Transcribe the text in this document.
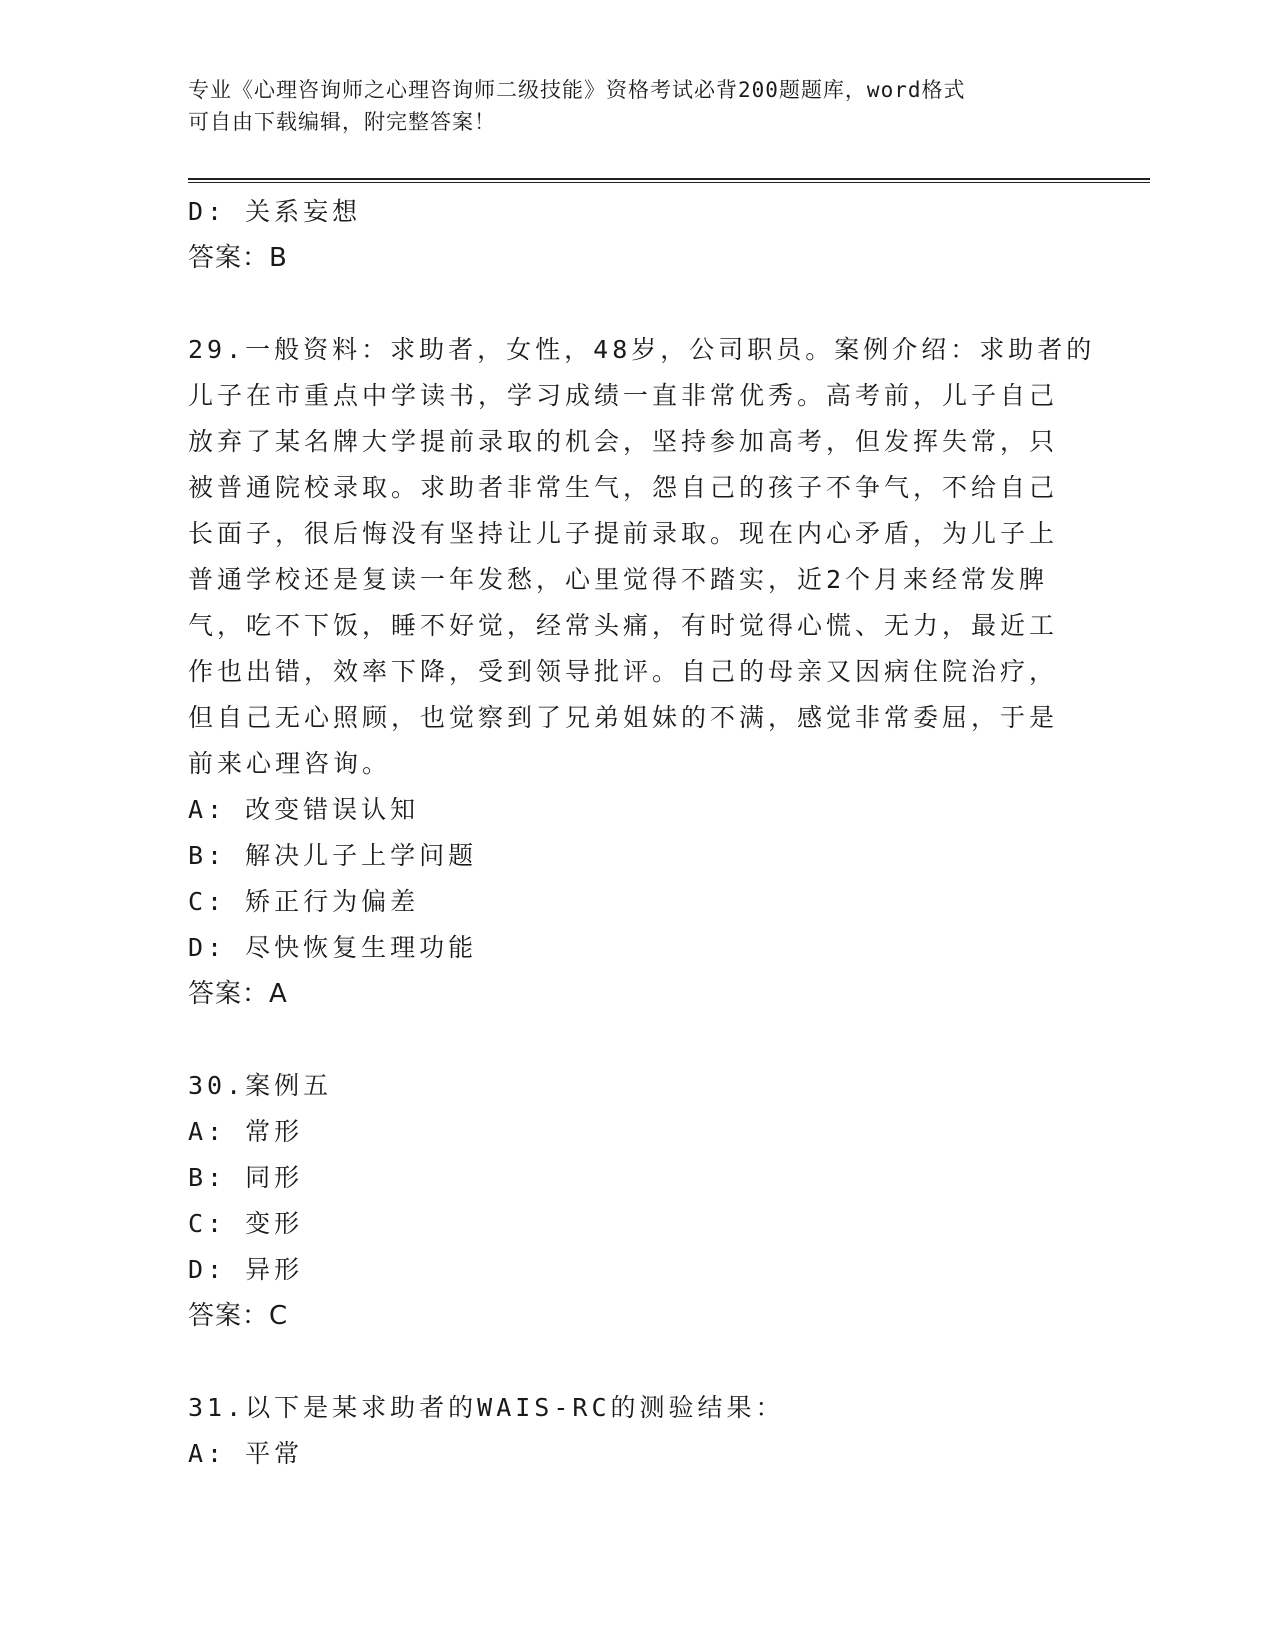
专业《心理咨询师之心理咨询师二级技能》资格考试必背200题题库，word格式
可自由下载编辑，附完整答案！
D: 关系妄想
答案：B
29.一般资料：求助者，女性，48岁，公司职员。案例介绍：求助者的
儿子在市重点中学读书，学习成绩一直非常优秀。高考前，儿子自己
放弃了某名牌大学提前录取的机会，坚持参加高考，但发挥失常，只
被普通院校录取。求助者非常生气，怨自己的孩子不争气，不给自己
长面子，很后悔没有坚持让儿子提前录取。现在内心矛盾，为儿子上
普通学校还是复读一年发愁，心里觉得不踏实，近2个月来经常发脾
气，吃不下饭，睡不好觉，经常头痛，有时觉得心慌、无力，最近工
作也出错，效率下降，受到领导批评。自己的母亲又因病住院治疗，
但自己无心照顾，也觉察到了兄弟姐妹的不满，感觉非常委屈，于是
前来心理咨询。
A: 改变错误认知
B: 解决儿子上学问题
C: 矫正行为偏差
D: 尽快恢复生理功能
答案：A
30.案例五
A: 常形
B: 同形
C: 变形
D: 异形
答案：C
31.以下是某求助者的WAIS-RC的测验结果：
A: 平常
